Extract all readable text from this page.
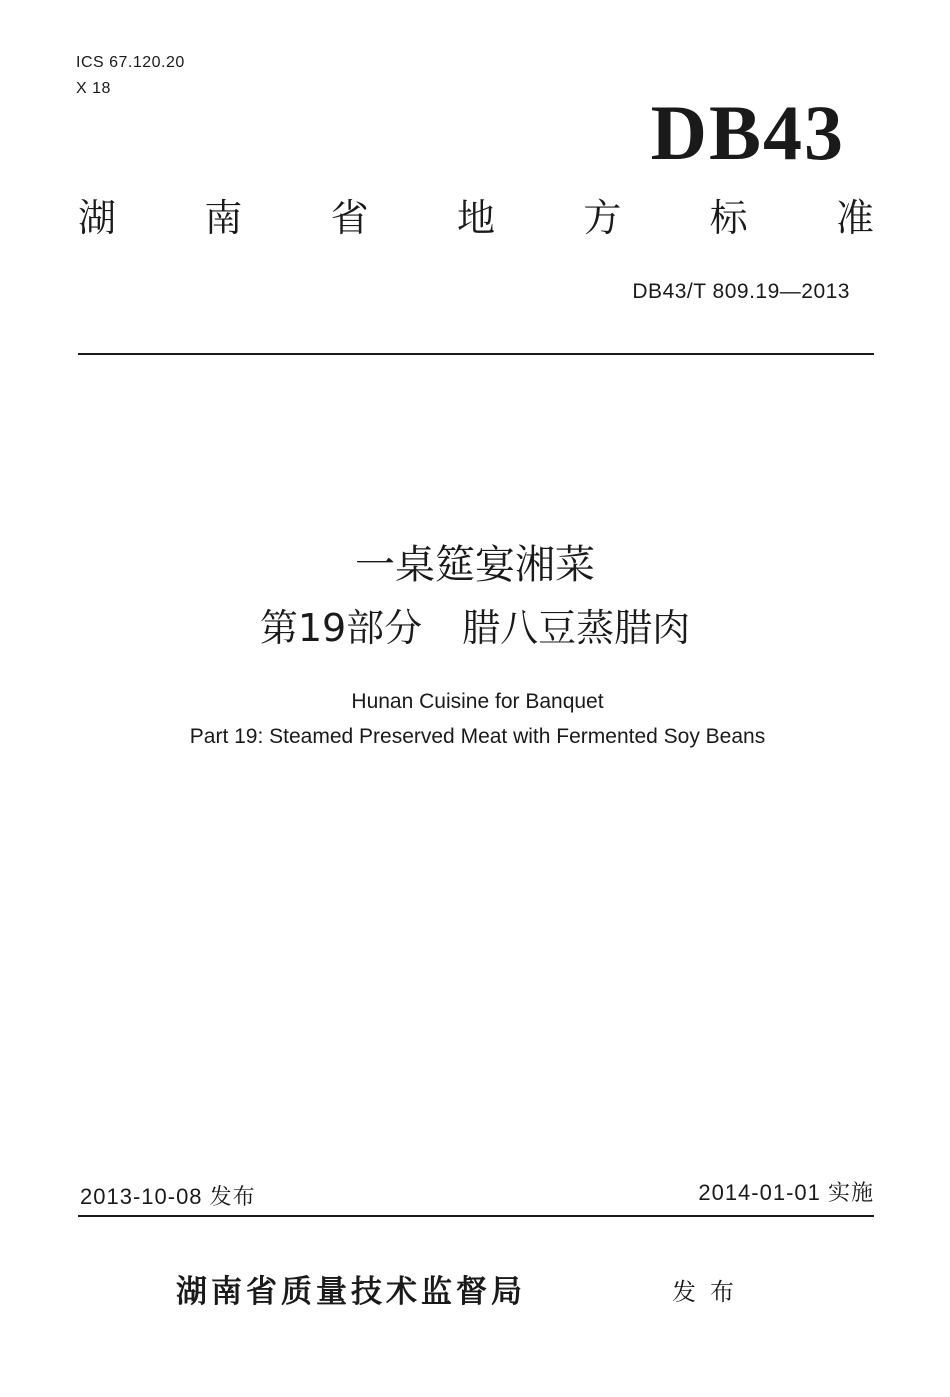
ICS 67.120.20
X 18
DB43
湖 南 省 地 方 标 准
DB43/T 809.19—2013
一桌筵宴湘菜
第19部分 腊八豆蒸腊肉
Hunan Cuisine for Banquet
Part 19: Steamed Preserved Meat with Fermented Soy Beans
2013-10-08 发布	2014-01-01 实施
湖南省质量技术监督局	发布
